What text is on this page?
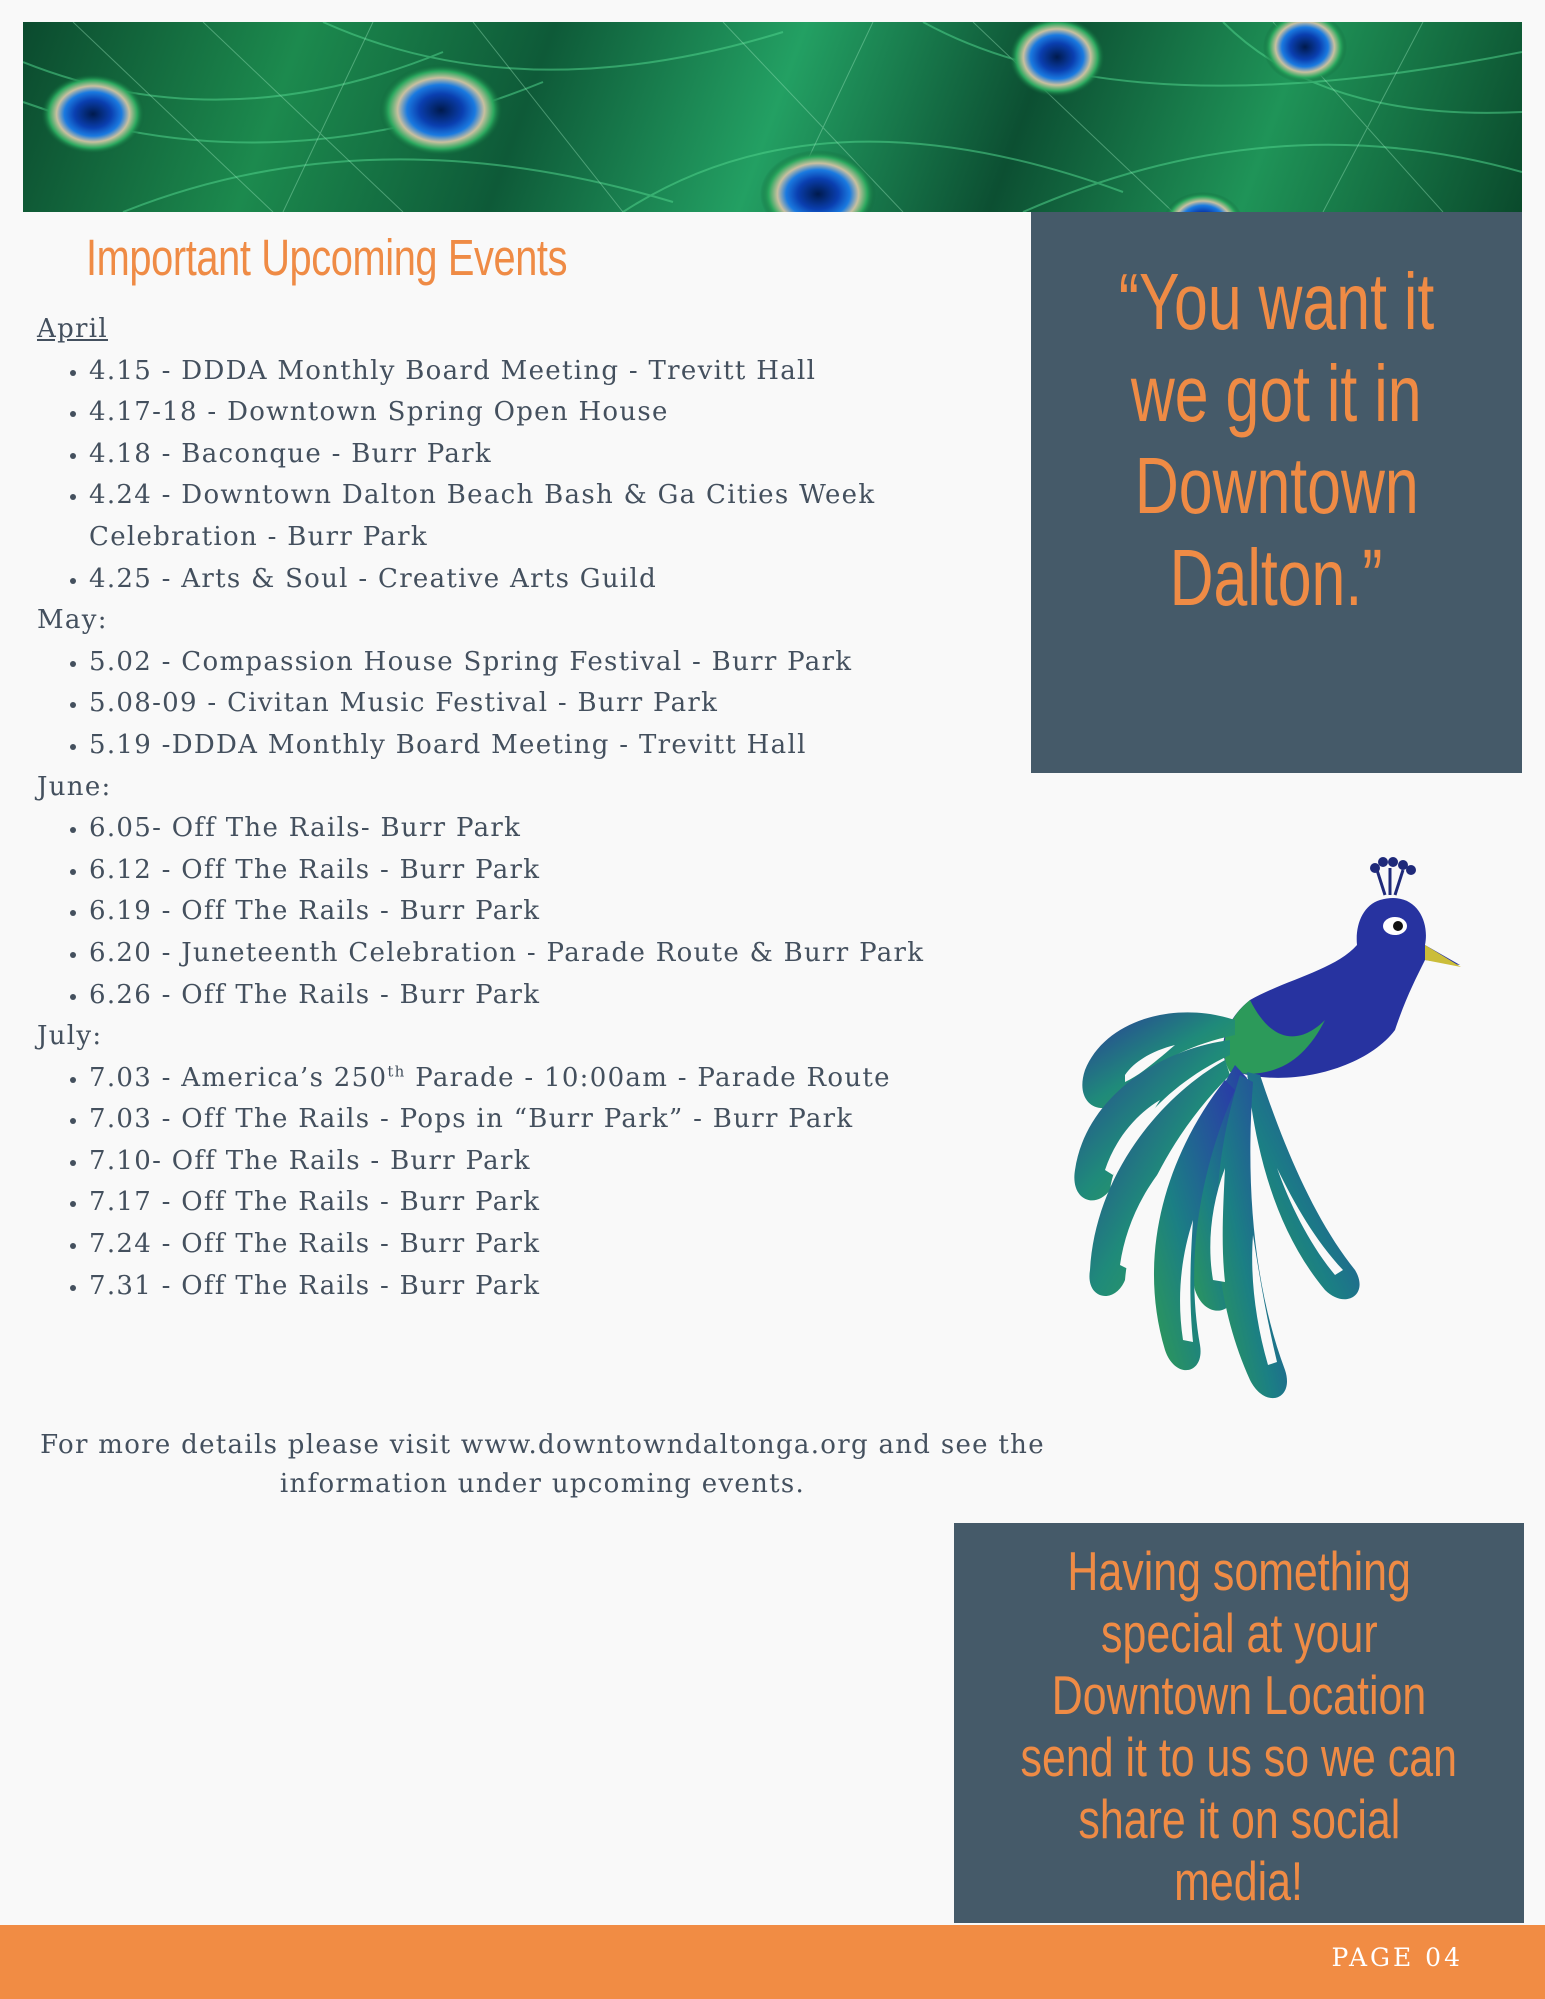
Important Upcoming Events

April

• 4.15 - DDDA Monthly Board Meeting - Trevitt Hall
• 4.17-18 - Downtown Spring Open House
• 4.18 - Baconque - Burr Park
• 4.24 - Downtown Dalton Beach Bash & Ga Cities Week Celebration - Burr Park
• 4.25 - Arts & Soul - Creative Arts Guild

May:

• 5.02 - Compassion House Spring Festival - Burr Park
• 5.08-09 - Civitan Music Festival - Burr Park
• 5.19 -DDDA Monthly Board Meeting - Trevitt Hall

June:

• 6.05- Off The Rails- Burr Park
• 6.12 - Off The Rails - Burr Park
• 6.19 - Off The Rails - Burr Park
• 6.20 - Juneteenth Celebration - Parade Route & Burr Park
• 6.26 - Off The Rails - Burr Park

July:

• 7.03 - America’s 250th Parade - 10:00am - Parade Route
• 7.03 - Off The Rails - Pops in “Burr Park” - Burr Park
• 7.10- Off The Rails - Burr Park
• 7.17 - Off The Rails - Burr Park
• 7.24 - Off The Rails - Burr Park
• 7.31 - Off The Rails - Burr Park
For more details please visit www.downtowndaltonga.org and see the
information under upcoming events.
“You want it
we got it in
Downtown
Dalton.”
Having something
special at your
Downtown Location
send it to us so we can
share it on social
media!
PAGE 04
